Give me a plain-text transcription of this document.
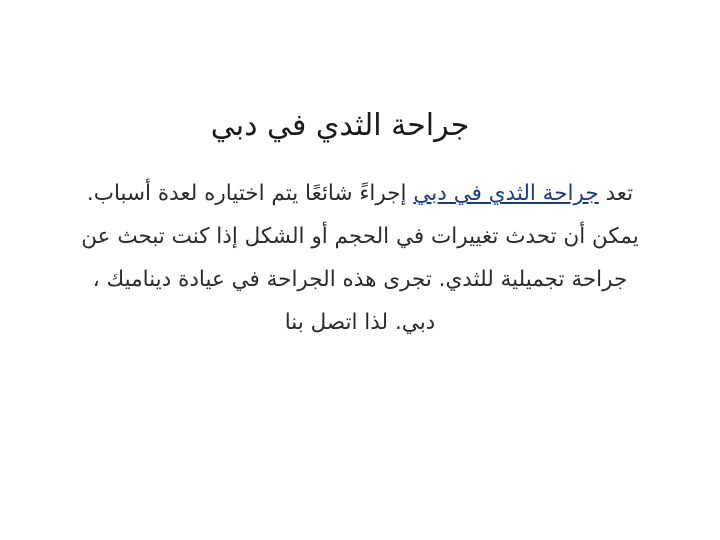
جراحة الثدي في دبي
تعد جراحة الثدي في دبي إجراءً شائعًا يتم اختياره لعدة أسباب.
يمكن أن تحدث تغييرات في الحجم أو الشكل إذا كنت تبحث عن
جراحة تجميلية للثدي. تجرى هذه الجراحة في عيادة ديناميك ،
دبي. لذا اتصل بنا
